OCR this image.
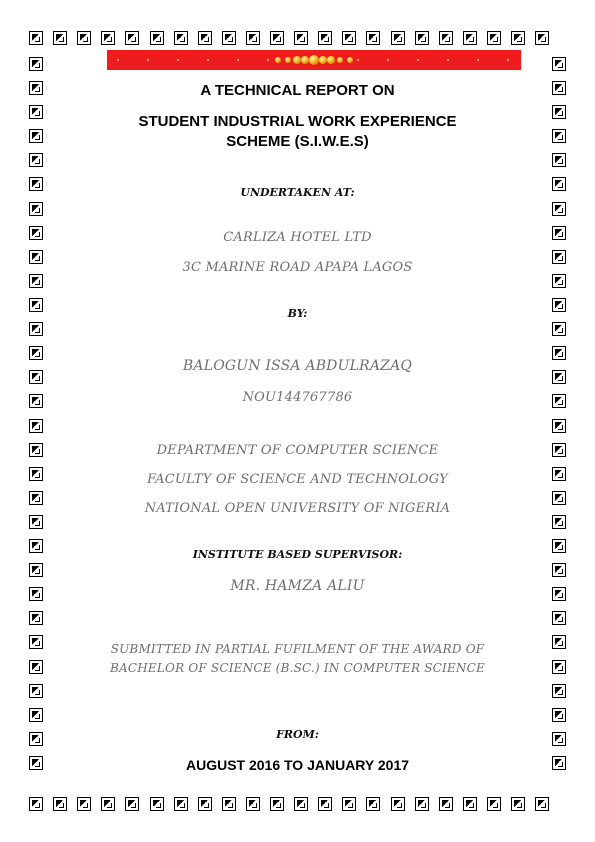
A TECHNICAL REPORT ON
STUDENT INDUSTRIAL WORK EXPERIENCE
SCHEME (S.I.W.E.S)
UNDERTAKEN AT:
CARLIZA HOTEL LTD
3C MARINE ROAD APAPA LAGOS
BY:
BALOGUN ISSA ABDULRAZAQ
NOU144767786
DEPARTMENT OF COMPUTER SCIENCE
FACULTY OF SCIENCE AND TECHNOLOGY
NATIONAL OPEN UNIVERSITY OF NIGERIA
INSTITUTE BASED SUPERVISOR:
MR. HAMZA ALIU
SUBMITTED IN PARTIAL FUFILMENT OF THE AWARD OF BACHELOR OF SCIENCE (B.SC.) IN COMPUTER SCIENCE
FROM:
AUGUST 2016 TO JANUARY 2017
